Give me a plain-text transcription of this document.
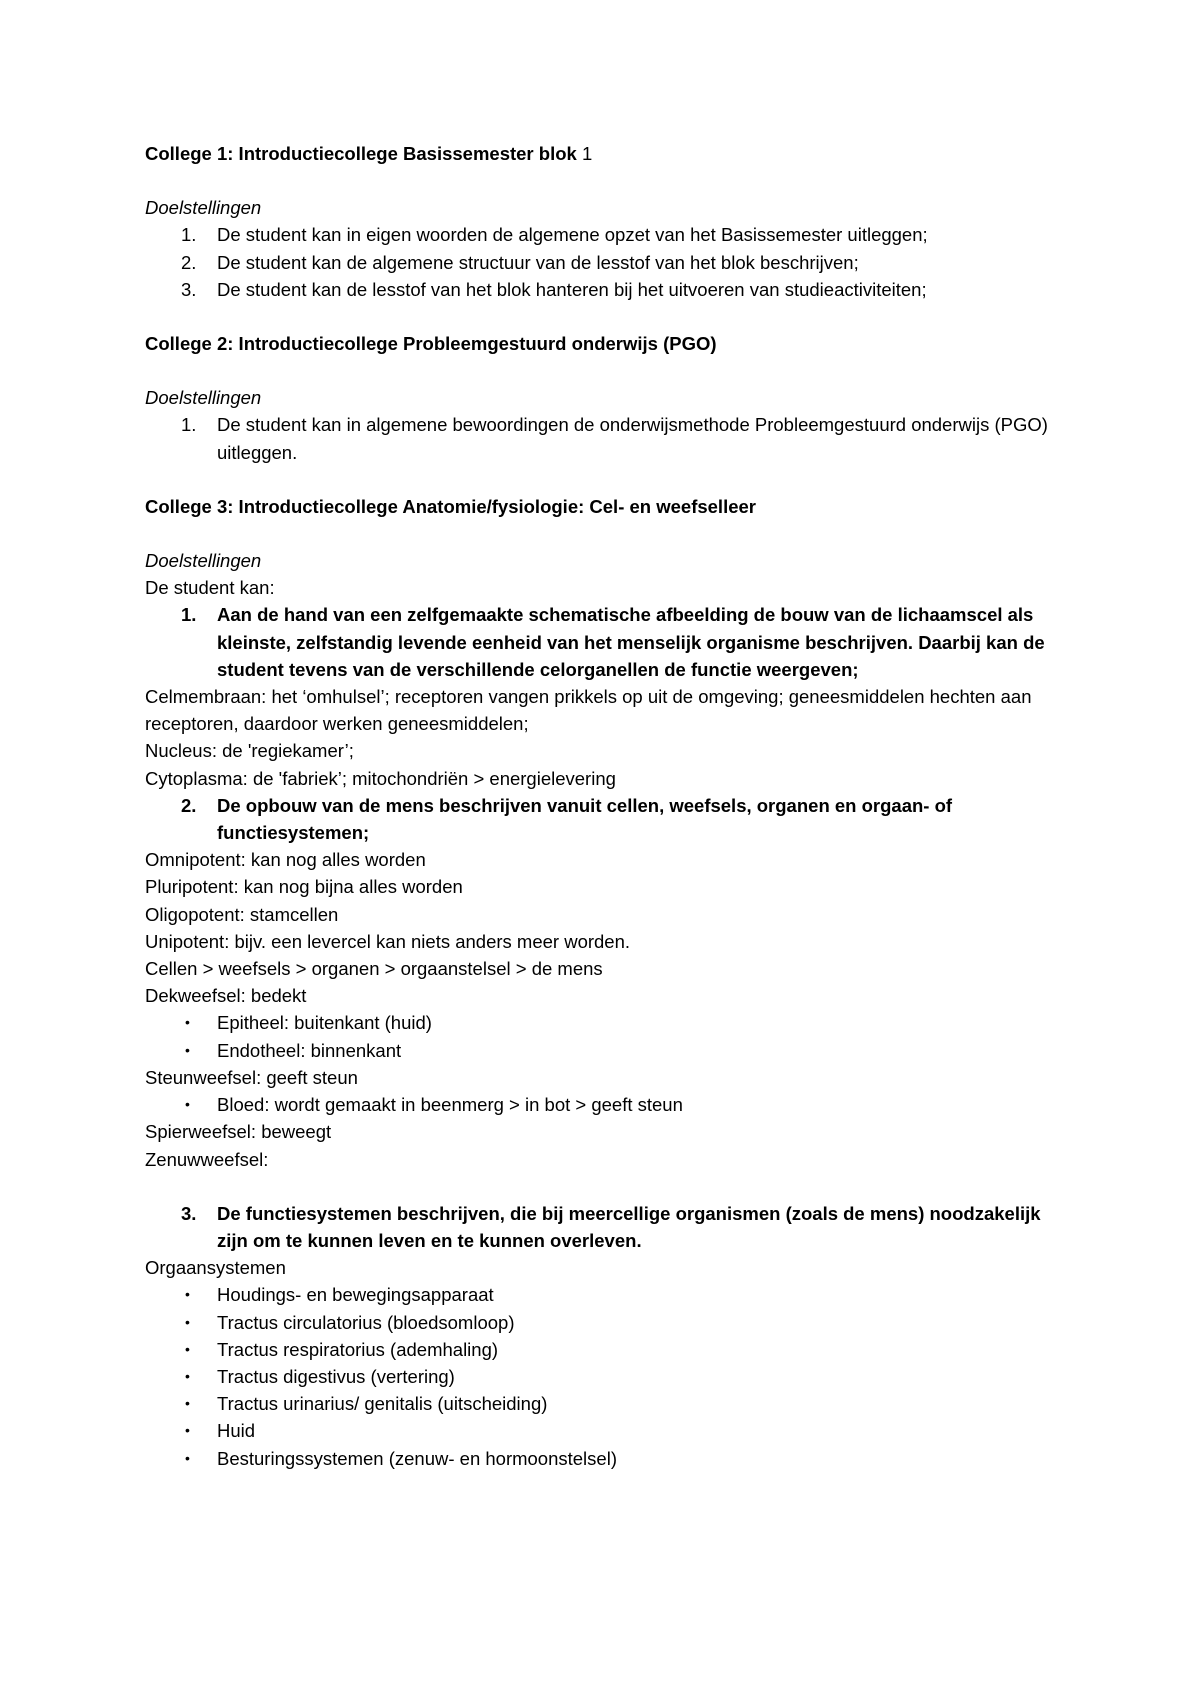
College 1: Introductiecollege Basissemester blok 1

Doelstellingen

1. De student kan in eigen woorden de algemene opzet van het Basissemester uitleggen;
2. De student kan de algemene structuur van de lesstof van het blok beschrijven;
3. De student kan de lesstof van het blok hanteren bij het uitvoeren van studieactiviteiten;

College 2: Introductiecollege Probleemgestuurd onderwijs (PGO)

Doelstellingen

1. De student kan in algemene bewoordingen de onderwijsmethode Probleemgestuurd onderwijs (PGO) uitleggen.

College 3: Introductiecollege Anatomie/fysiologie: Cel- en weefselleer

Doelstellingen

De student kan:

1. Aan de hand van een zelfgemaakte schematische afbeelding de bouw van de lichaamscel als kleinste, zelfstandig levende eenheid van het menselijk organisme beschrijven. Daarbij kan de student tevens van de verschillende celorganellen de functie weergeven;

Celmembraan: het ‘omhulsel’; receptoren vangen prikkels op uit de omgeving; geneesmiddelen hechten aan receptoren, daardoor werken geneesmiddelen;

Nucleus: de 'regiekamer’;

Cytoplasma: de 'fabriek’; mitochondriën > energielevering

2. De opbouw van de mens beschrijven vanuit cellen, weefsels, organen en orgaan- of functiesystemen;

Omnipotent: kan nog alles worden

Pluripotent: kan nog bijna alles worden

Oligopotent: stamcellen

Unipotent: bijv. een levercel kan niets anders meer worden.

Cellen > weefsels > organen > orgaanstelsel > de mens

Dekweefsel: bedekt

• Epitheel: buitenkant (huid)
• Endotheel: binnenkant

Steunweefsel: geeft steun

• Bloed: wordt gemaakt in beenmerg > in bot > geeft steun

Spierweefsel: beweegt

Zenuwweefsel:

3. De functiesystemen beschrijven, die bij meercellige organismen (zoals de mens) noodzakelijk zijn om te kunnen leven en te kunnen overleven.

Orgaansystemen

• Houdings- en bewegingsapparaat
• Tractus circulatorius (bloedsomloop)
• Tractus respiratorius (ademhaling)
• Tractus digestivus (vertering)
• Tractus urinarius/ genitalis (uitscheiding)
• Huid
• Besturingssystemen (zenuw- en hormoonstelsel)
